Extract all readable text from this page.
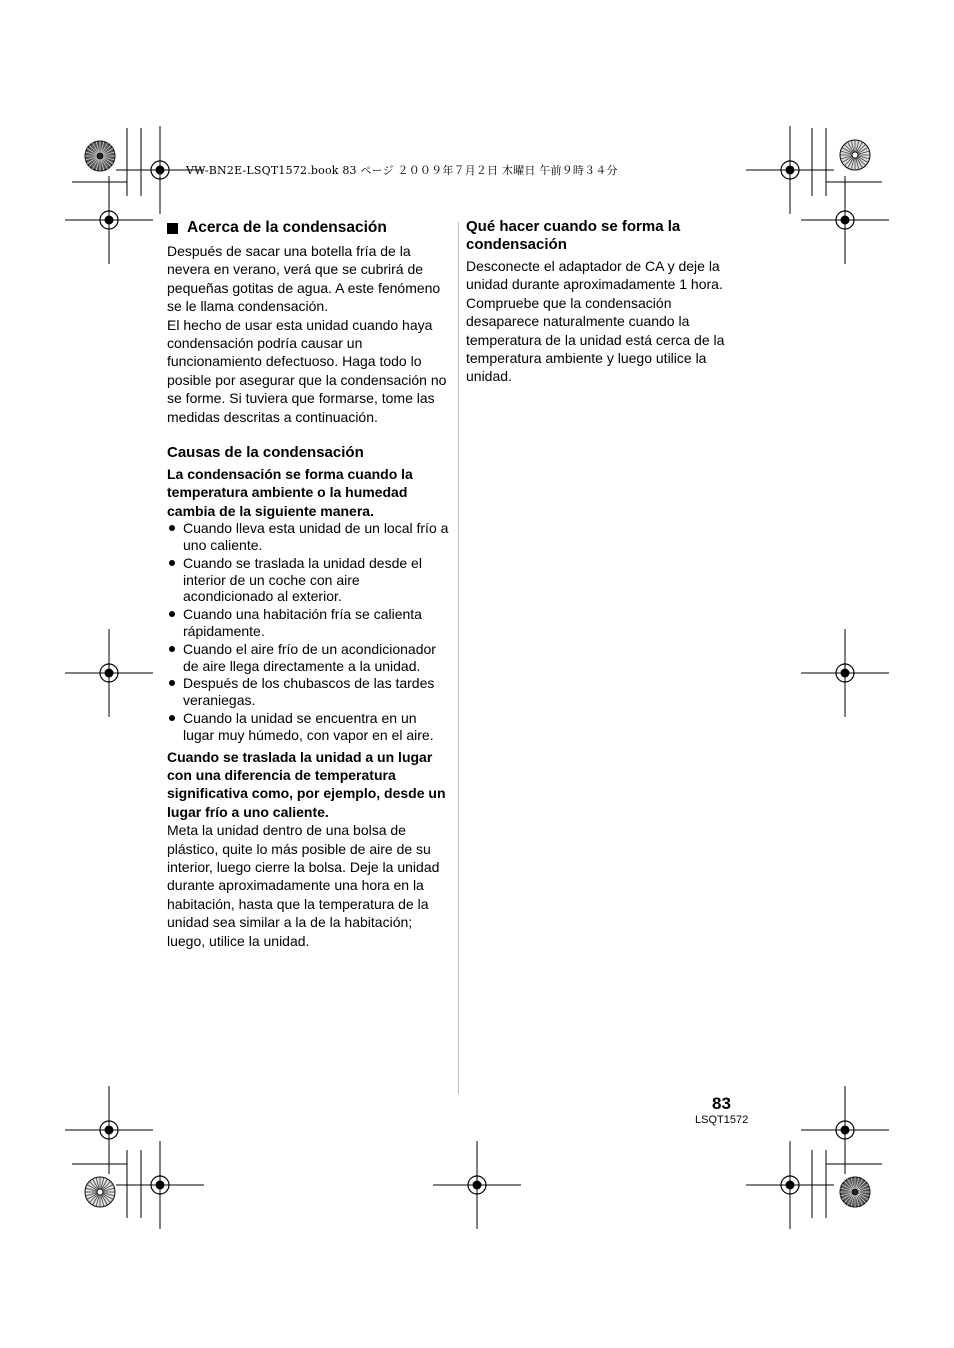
VW-BN2E-LSQT1572.book 83 ページ ２００９年７月２日 木曜日 午前９時３４分
Acerca de la condensación

Después de sacar una botella fría de la nevera en verano, verá que se cubrirá de pequeñas gotitas de agua. A este fenómeno se le llama condensación.

El hecho de usar esta unidad cuando haya condensación podría causar un funcionamiento defectuoso. Haga todo lo posible por asegurar que la condensación no se forme. Si tuviera que formarse, tome las medidas descritas a continuación.

Causas de la condensación

La condensación se forma cuando la temperatura ambiente o la humedad cambia de la siguiente manera.

Cuando lleva esta unidad de un local frío a uno caliente.
Cuando se traslada la unidad desde el interior de un coche con aire acondicionado al exterior.
Cuando una habitación fría se calienta rápidamente.
Cuando el aire frío de un acondicionador de aire llega directamente a la unidad.
Después de los chubascos de las tardes veraniegas.
Cuando la unidad se encuentra en un lugar muy húmedo, con vapor en el aire.

Cuando se traslada la unidad a un lugar con una diferencia de temperatura significativa como, por ejemplo, desde un lugar frío a uno caliente.

Meta la unidad dentro de una bolsa de plástico, quite lo más posible de aire de su interior, luego cierre la bolsa. Deje la unidad durante aproximadamente una hora en la habitación, hasta que la temperatura de la unidad sea similar a la de la habitación; luego, utilice la unidad.

Qué hacer cuando se forma la condensación

Desconecte el adaptador de CA y deje la unidad durante aproximadamente 1 hora.

Compruebe que la condensación desaparece naturalmente cuando la temperatura de la unidad está cerca de la temperatura ambiente y luego utilice la unidad.

83
LSQT1572
